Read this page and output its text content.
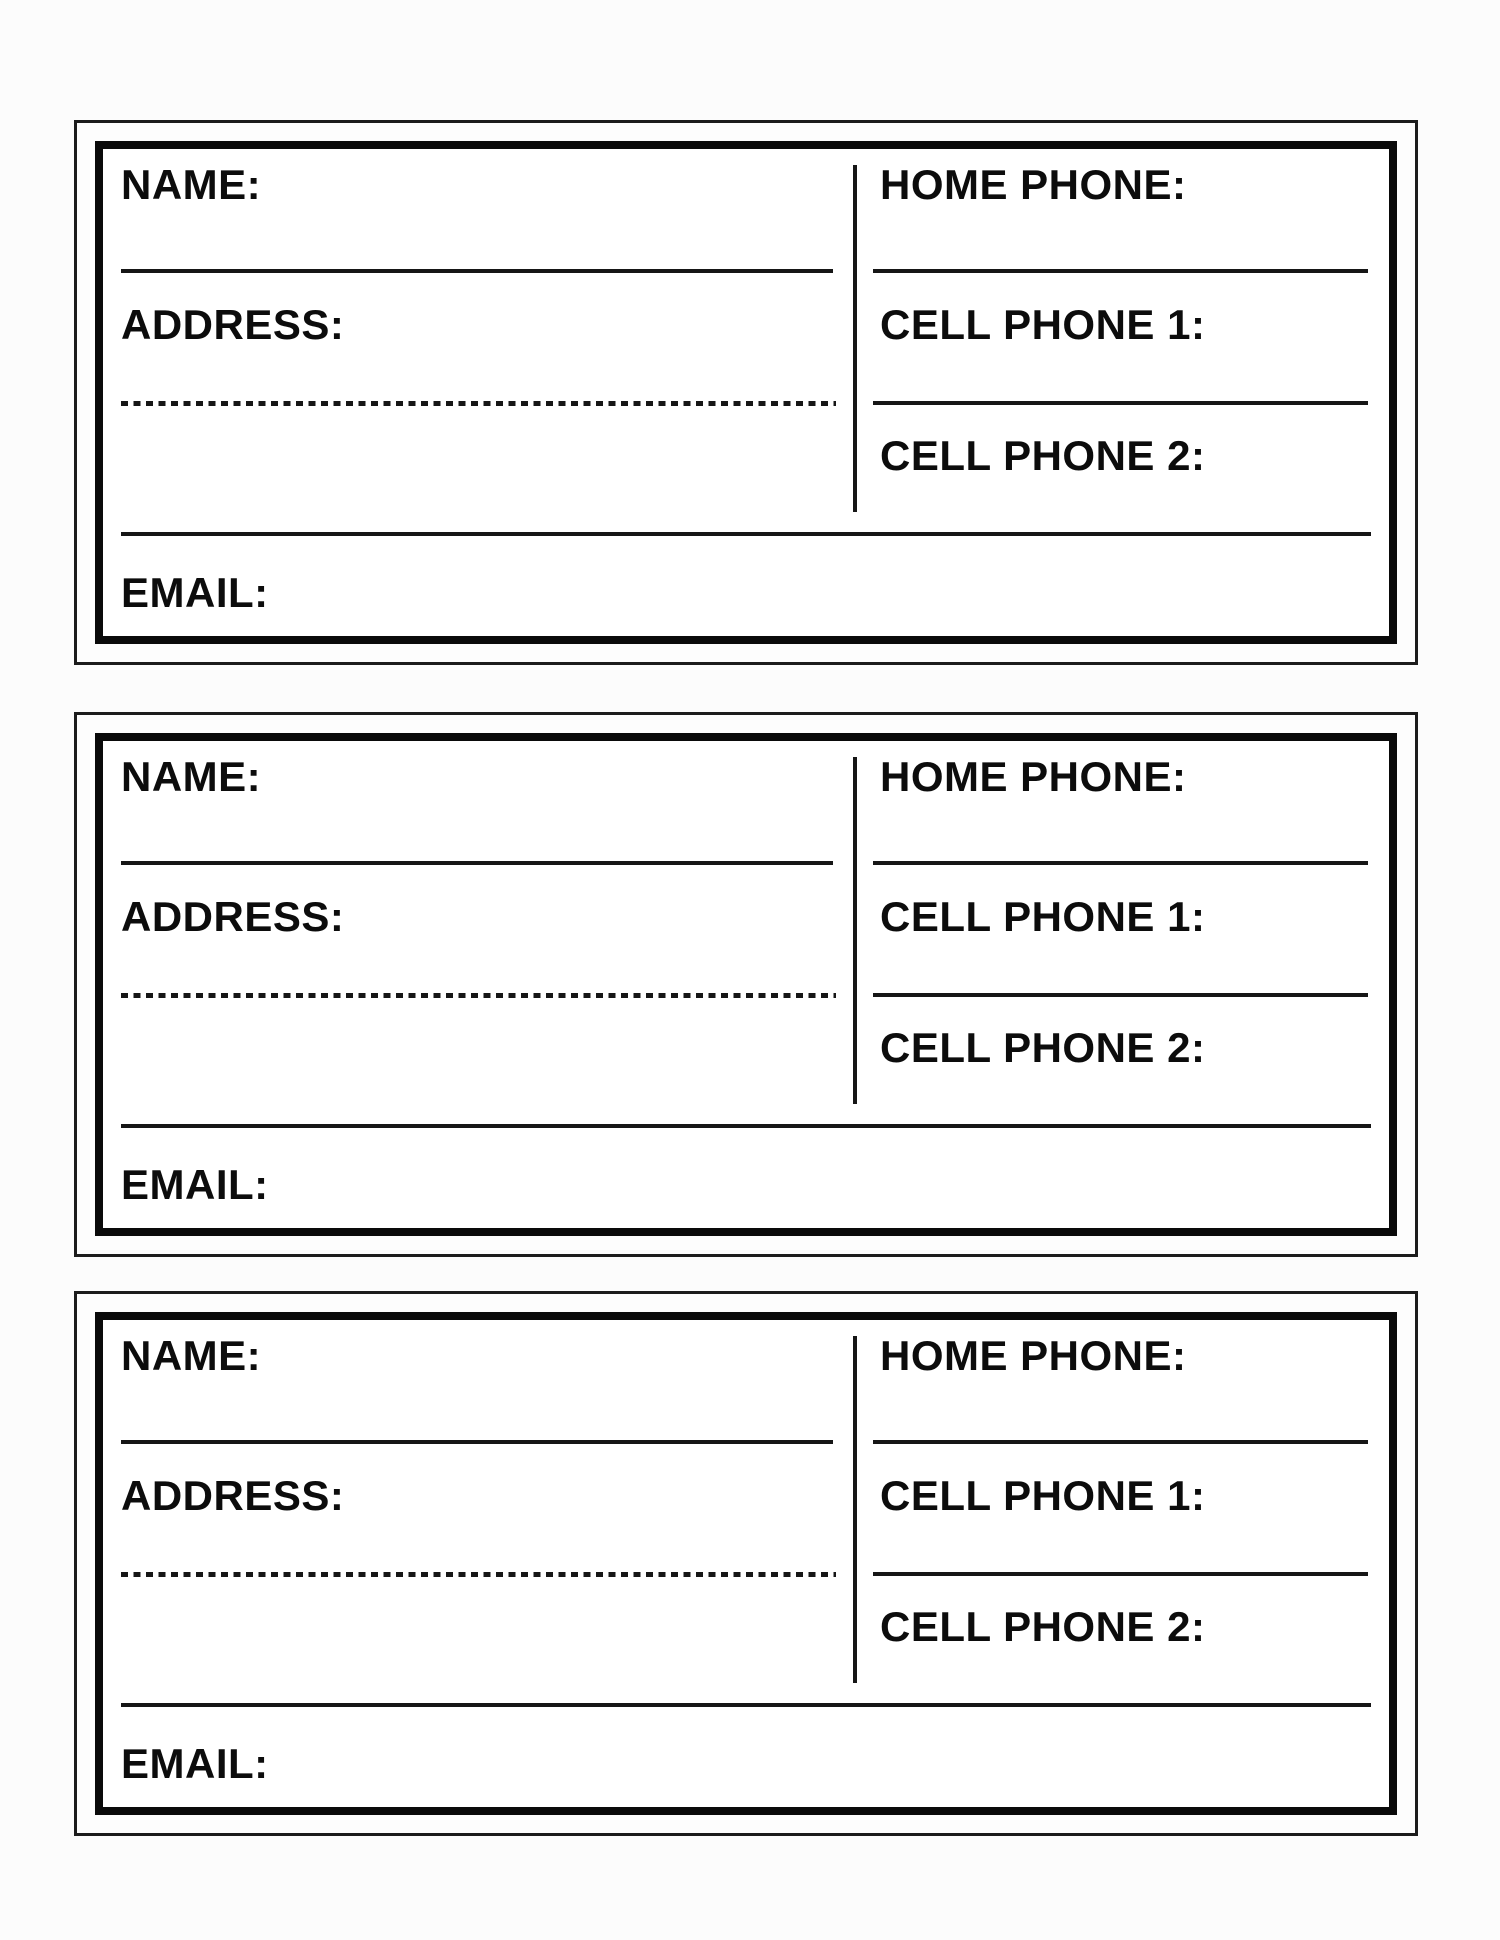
NAME:	HOME PHONE:
ADDRESS:	CELL PHONE 1:
CELL PHONE 2:
EMAIL:
NAME:	HOME PHONE:
ADDRESS:	CELL PHONE 1:
CELL PHONE 2:
EMAIL:
NAME:	HOME PHONE:
ADDRESS:	CELL PHONE 1:
CELL PHONE 2:
EMAIL:
